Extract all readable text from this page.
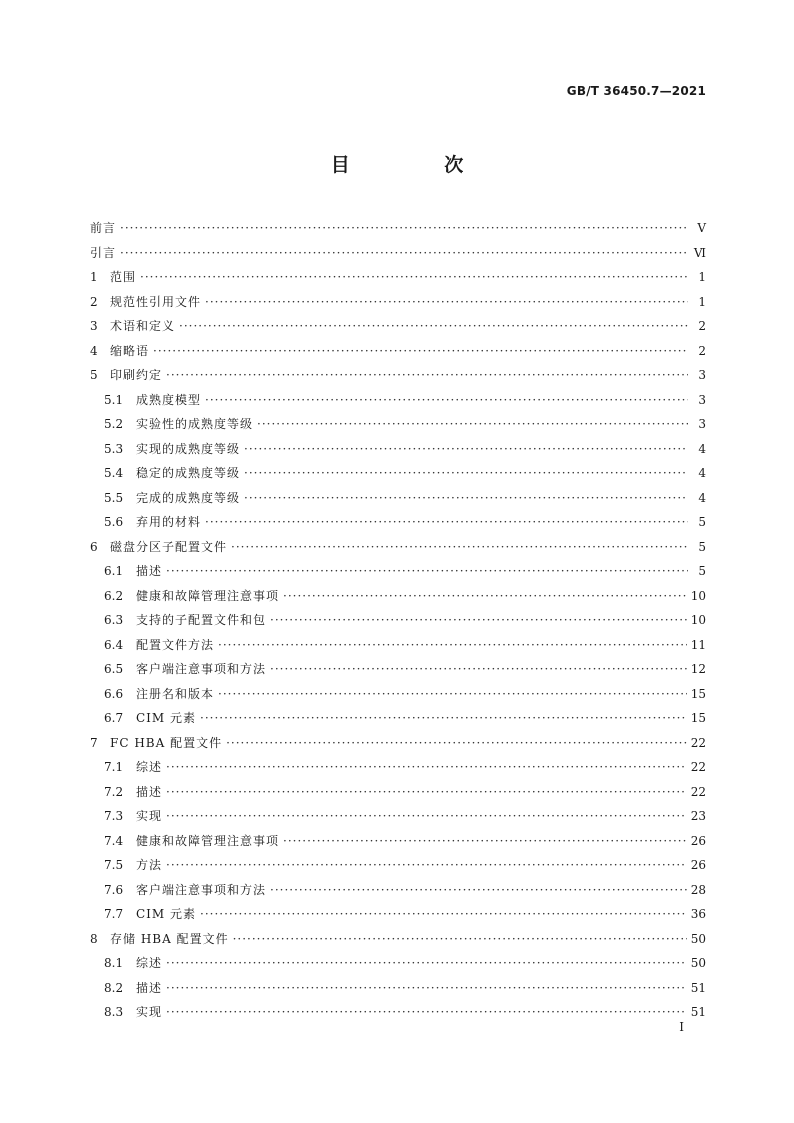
GB/T 36450.7—2021
目 次
前言 ·····	Ⅴ
引言 ·····	Ⅵ
1	范围 ·····	1
2	规范性引用文件 ·····	1
3	术语和定义 ·····	2
4	缩略语 ·····	2
5	印刷约定 ·····	3
5.1	成熟度模型 ·····	3
5.2	实验性的成熟度等级 ·····	3
5.3	实现的成熟度等级 ·····	4
5.4	稳定的成熟度等级 ·····	4
5.5	完成的成熟度等级 ·····	4
5.6	弃用的材料 ·····	5
6	磁盘分区子配置文件 ·····	5
6.1	描述 ·····	5
6.2	健康和故障管理注意事项 ·····	10
6.3	支持的子配置文件和包 ·····	10
6.4	配置文件方法 ·····	11
6.5	客户端注意事项和方法 ·····	12
6.6	注册名和版本 ·····	15
6.7	CIM 元素 ·····	15
7	FC HBA 配置文件 ·····	22
7.1	综述 ·····	22
7.2	描述 ·····	22
7.3	实现 ·····	23
7.4	健康和故障管理注意事项 ·····	26
7.5	方法 ·····	26
7.6	客户端注意事项和方法 ·····	28
7.7	CIM 元素 ·····	36
8	存储 HBA 配置文件 ·····	50
8.1	综述 ·····	50
8.2	描述 ·····	51
8.3	实现 ·····	51
Ⅰ
